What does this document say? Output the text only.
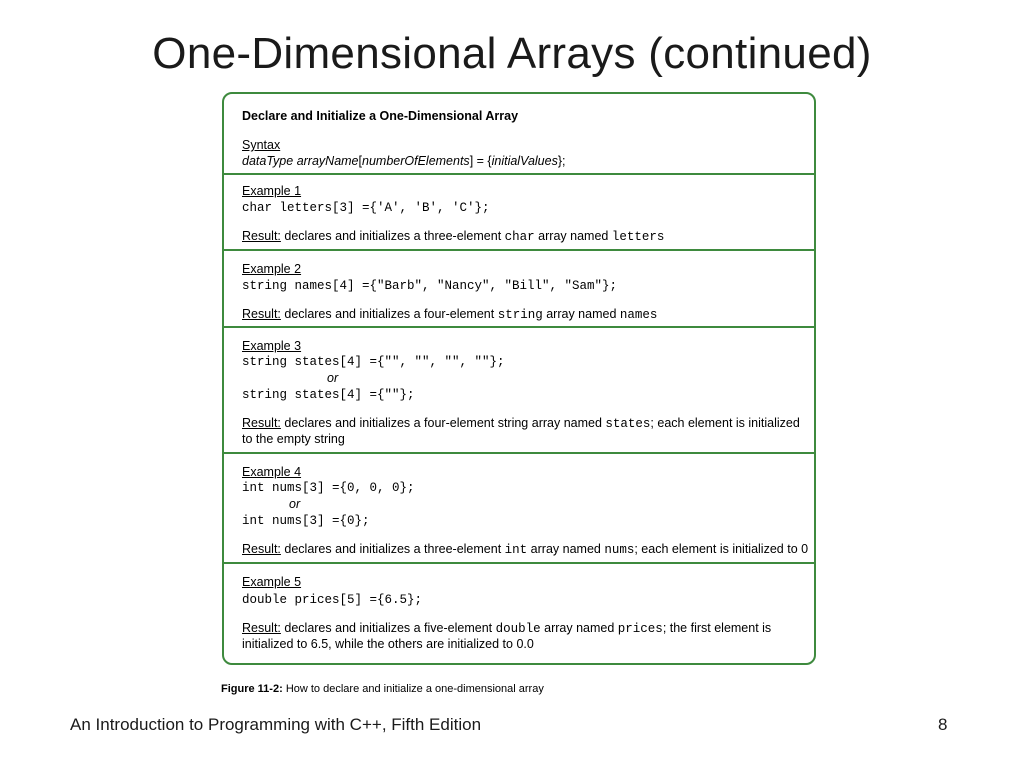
One-Dimensional Arrays (continued)
Declare and Initialize a One-Dimensional Array
Syntax
dataType arrayName[numberOfElements] = {initialValues};
Example 1
char letters[3] ={'A', 'B', 'C'};
Result: declares and initializes a three-element char array named letters
Example 2
string names[4] ={"Barb", "Nancy", "Bill", "Sam"};
Result: declares and initializes a four-element string array named names
Example 3
string states[4] ={"", "", "", ""};
or
string states[4] ={""};
Result: declares and initializes a four-element string array named states; each element is initialized
to the empty string
Example 4
int nums[3] ={0, 0, 0};
or
int nums[3] ={0};
Result: declares and initializes a three-element int array named nums; each element is initialized to 0
Example 5
double prices[5] ={6.5};
Result: declares and initializes a five-element double array named prices; the first element is
initialized to 6.5, while the others are initialized to 0.0
Figure 11-2: How to declare and initialize a one-dimensional array
An Introduction to Programming with C++, Fifth Edition	8
